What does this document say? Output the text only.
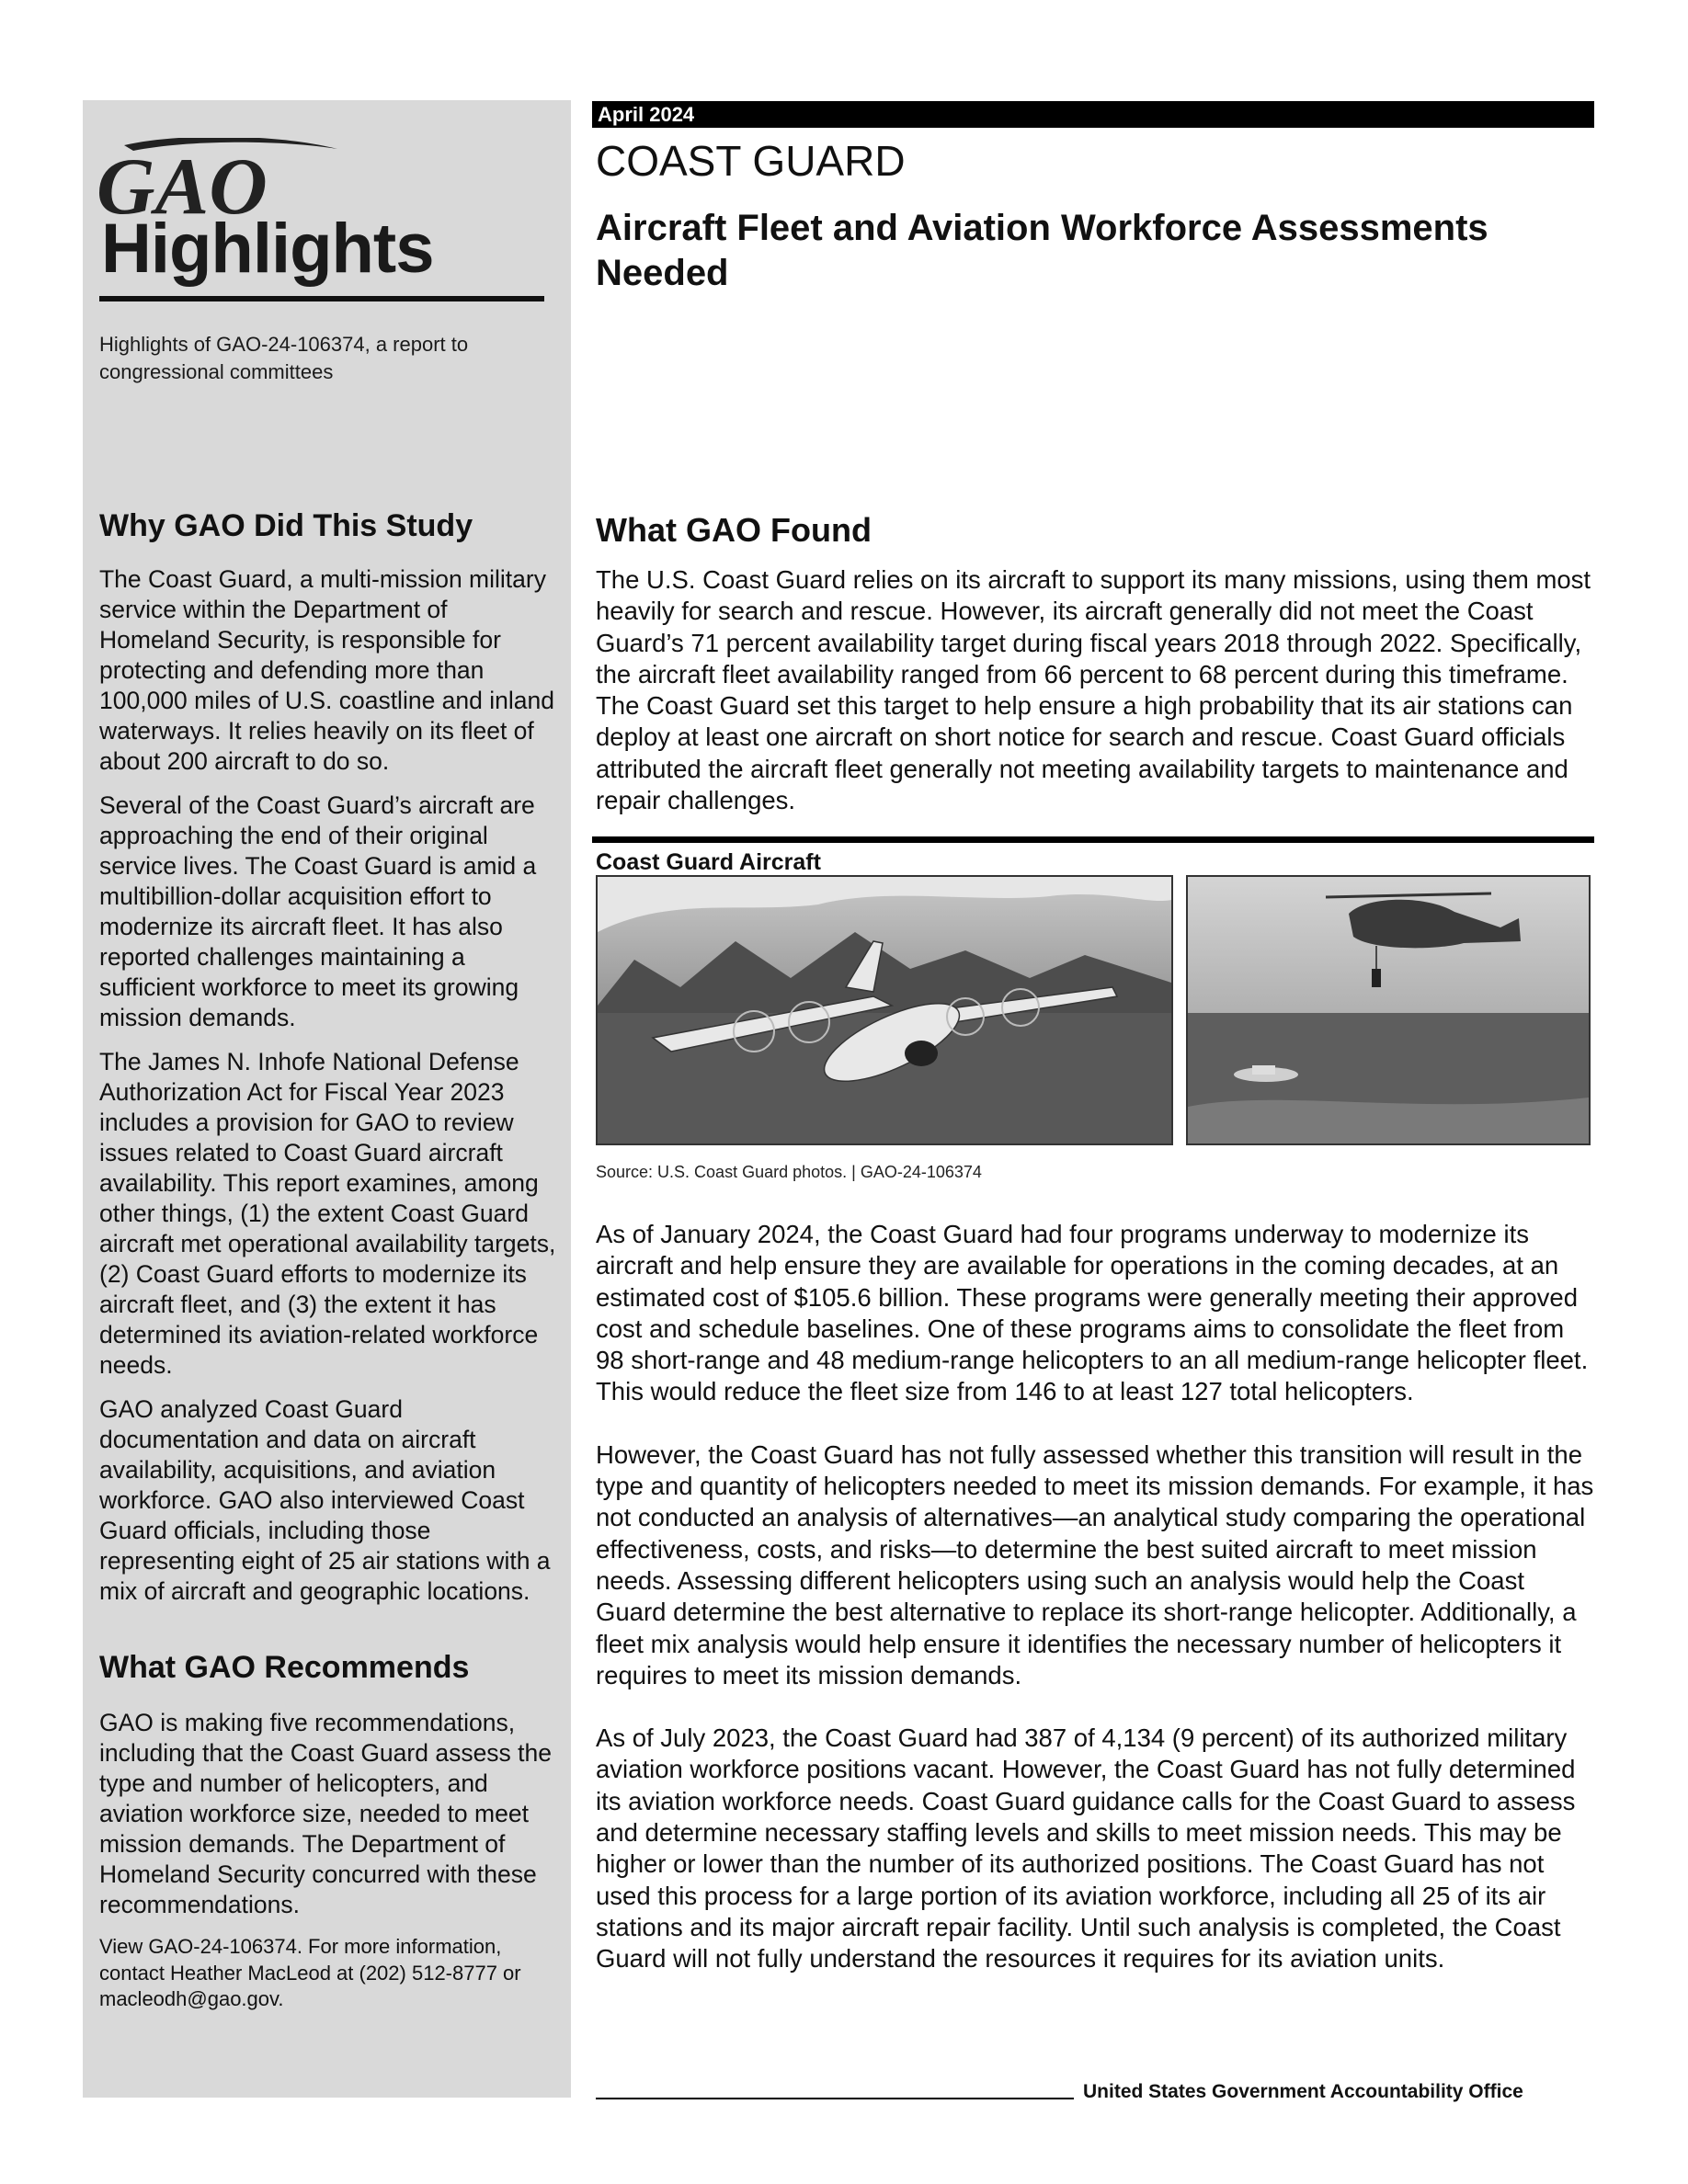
GAO
Highlights
Highlights of GAO-24-106374, a report to congressional committees
Why GAO Did This Study

The Coast Guard, a multi-mission military service within the Department of Homeland Security, is responsible for protecting and defending more than 100,000 miles of U.S. coastline and inland waterways. It relies heavily on its fleet of about 200 aircraft to do so.

Several of the Coast Guard’s aircraft are approaching the end of their original service lives. The Coast Guard is amid a multibillion-dollar acquisition effort to modernize its aircraft fleet. It has also reported challenges maintaining a sufficient workforce to meet its growing mission demands.

The James N. Inhofe National Defense Authorization Act for Fiscal Year 2023 includes a provision for GAO to review issues related to Coast Guard aircraft availability. This report examines, among other things, (1) the extent Coast Guard aircraft met operational availability targets, (2) Coast Guard efforts to modernize its aircraft fleet, and (3) the extent it has determined its aviation-related workforce needs.

GAO analyzed Coast Guard documentation and data on aircraft availability, acquisitions, and aviation workforce. GAO also interviewed Coast Guard officials, including those representing eight of 25 air stations with a mix of aircraft and geographic locations.

What GAO Recommends

GAO is making five recommendations, including that the Coast Guard assess the type and number of helicopters, and aviation workforce size, needed to meet mission demands. The Department of Homeland Security concurred with these recommendations.

View GAO-24-106374. For more information, contact Heather MacLeod at (202) 512-8777 or macleodh@gao.gov.

April 2024
COAST GUARD
Aircraft Fleet and Aviation Workforce Assessments Needed
What GAO Found

The U.S. Coast Guard relies on its aircraft to support its many missions, using them most heavily for search and rescue. However, its aircraft generally did not meet the Coast Guard’s 71 percent availability target during fiscal years 2018 through 2022. Specifically, the aircraft fleet availability ranged from 66 percent to 68 percent during this timeframe. The Coast Guard set this target to help ensure a high probability that its air stations can deploy at least one aircraft on short notice for search and rescue. Coast Guard officials attributed the aircraft fleet generally not meeting availability targets to maintenance and repair challenges.

Coast Guard Aircraft
Source: U.S. Coast Guard photos. | GAO-24-106374

As of January 2024, the Coast Guard had four programs underway to modernize its aircraft and help ensure they are available for operations in the coming decades, at an estimated cost of $105.6 billion. These programs were generally meeting their approved cost and schedule baselines. One of these programs aims to consolidate the fleet from 98 short-range and 48 medium-range helicopters to an all medium-range helicopter fleet. This would reduce the fleet size from 146 to at least 127 total helicopters.

However, the Coast Guard has not fully assessed whether this transition will result in the type and quantity of helicopters needed to meet its mission demands. For example, it has not conducted an analysis of alternatives—an analytical study comparing the operational effectiveness, costs, and risks—to determine the best suited aircraft to meet mission needs. Assessing different helicopters using such an analysis would help the Coast Guard determine the best alternative to replace its short-range helicopter. Additionally, a fleet mix analysis would help ensure it identifies the necessary number of helicopters it requires to meet its mission demands.

As of July 2023, the Coast Guard had 387 of 4,134 (9 percent) of its authorized military aviation workforce positions vacant. However, the Coast Guard has not fully determined its aviation workforce needs. Coast Guard guidance calls for the Coast Guard to assess and determine necessary staffing levels and skills to meet mission needs. This may be higher or lower than the number of its authorized positions. The Coast Guard has not used this process for a large portion of its aviation workforce, including all 25 of its air stations and its major aircraft repair facility. Until such analysis is completed, the Coast Guard will not fully understand the resources it requires for its aviation units.

United States Government Accountability Office
